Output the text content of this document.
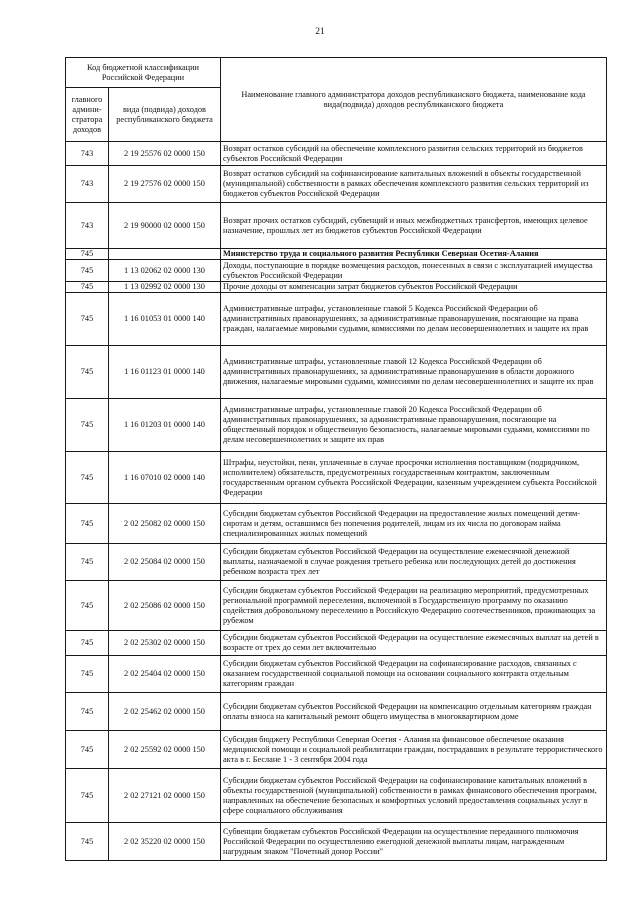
21
Код бюджетной классификации Российской Федерации		Наименование главного администратора доходов республиканского бюджета, наименование кода вида(подвида) доходов республиканского бюджета
главного админи-стратора доходов	вида (подвида) доходов республиканского бюджета	
743	2 19 25576 02 0000 150	Возврат остатков субсидий на обеспечение комплексного развития сельских территорий из бюджетов субъектов Российской Федерации
743	2 19 27576 02 0000 150	Возврат остатков субсидий на софинансирование капитальных вложений в объекты государственной (муниципальной) собственности в рамках обеспечения комплексного развития сельских территорий из бюджетов субъектов Российской Федерации
743	2 19 90000 02 0000 150	Возврат прочих остатков субсидий, субвенций и иных межбюджетных трансфертов, имеющих целевое назначение, прошлых лет из бюджетов субъектов Российской Федерации
745		Министерство труда и социального развития Республики Северная Осетия-Алания
745	1 13 02062 02 0000 130	Доходы, поступающие в порядке возмещения расходов, понесенных в связи с эксплуатацией имущества субъектов Российской Федерации
745	1 13 02992 02 0000 130	Прочие доходы от компенсации затрат бюджетов субъектов Российской Федерации
745	1 16 01053 01 0000 140	Административные штрафы, установленные главой 5 Кодекса Российской Федерации об административных правонарушениях, за административные правонарушения, посягающие на права граждан, налагаемые мировыми судьями, комиссиями по делам несовершеннолетних и защите их прав
745	1 16 01123 01 0000 140	Административные штрафы, установленные главой 12 Кодекса Российской Федерации об административных правонарушениях, за административные правонарушения в области дорожного движения, налагаемые мировыми судьями, комиссиями по делам несовершеннолетних и защите их прав
745	1 16 01203 01 0000 140	Административные штрафы, установленные главой 20 Кодекса Российской Федерации об административных правонарушениях, за административные правонарушения, посягающие на общественный порядок и общественную безопасность, налагаемые мировыми судьями, комиссиями по делам несовершеннолетних и защите их прав
745	1 16 07010 02 0000 140	Штрафы, неустойки, пени, уплаченные в случае просрочки исполнения поставщиком (подрядчиком, исполнителем) обязательств, предусмотренных государственным контрактом, заключенным государственным органом субъекта Российской Федерации, казенным учреждением субъекта Российской Федерации
745	2 02 25082 02 0000 150	Субсидии бюджетам субъектов Российской Федерации на предоставление жилых помещений детям-сиротам и детям, оставшимся без попечения родителей, лицам из их числа по договорам найма специализированных жилых помещений
745	2 02 25084 02 0000 150	Субсидии бюджетам субъектов Российской Федерации на осуществление ежемесячной денежной выплаты, назначаемой в случае рождения третьего ребенка или последующих детей до достижения ребенком возраста трех лет
745	2 02 25086 02 0000 150	Субсидии бюджетам субъектов Российской Федерации на реализацию мероприятий, предусмотренных региональной программой переселения, включенной в Государственную программу по оказанию содействия добровольному переселению в Российскую Федерацию соотечественников, проживающих за рубежом
745	2 02 25302 02 0000 150	Субсидии бюджетам субъектов Российской Федерации на осуществление ежемесячных выплат на детей в возрасте от трех до семи лет включительно
745	2 02 25404 02 0000 150	Субсидии бюджетам субъектов Российской Федерации на софинансирование расходов, связанных с оказанием государственной социальной помощи на основании социального контракта отдельным категориям граждан
745	2 02 25462 02 0000 150	Субсидии бюджетам субъектов Российской Федерации на компенсацию отдельным категориям граждан оплаты взноса на капитальный ремонт общего имущества в многоквартирном доме
745	2 02 25592 02 0000 150	Субсидия бюджету Республики Северная Осетия - Алания на финансовое обеспечение оказания медицинской помощи и социальной реабилитации граждан, пострадавших в результате террористического акта в г. Беслане 1 - 3 сентября 2004 года
745	2 02 27121 02 0000 150	Субсидии бюджетам субъектов Российской Федерации на софинансирование капитальных вложений в объекты государственной (муниципальной) собственности в рамках финансового обеспечения программ, направленных на обеспечение безопасных и комфортных условий предоставления социальных услуг в сфере социального обслуживания
745	2 02 35220 02 0000 150	Субвенции бюджетам субъектов Российской Федерации на осуществление переданного полномочия Российской Федерации по осуществлению ежегодной денежной выплаты лицам, награжденным нагрудным знаком "Почетный донор России"
